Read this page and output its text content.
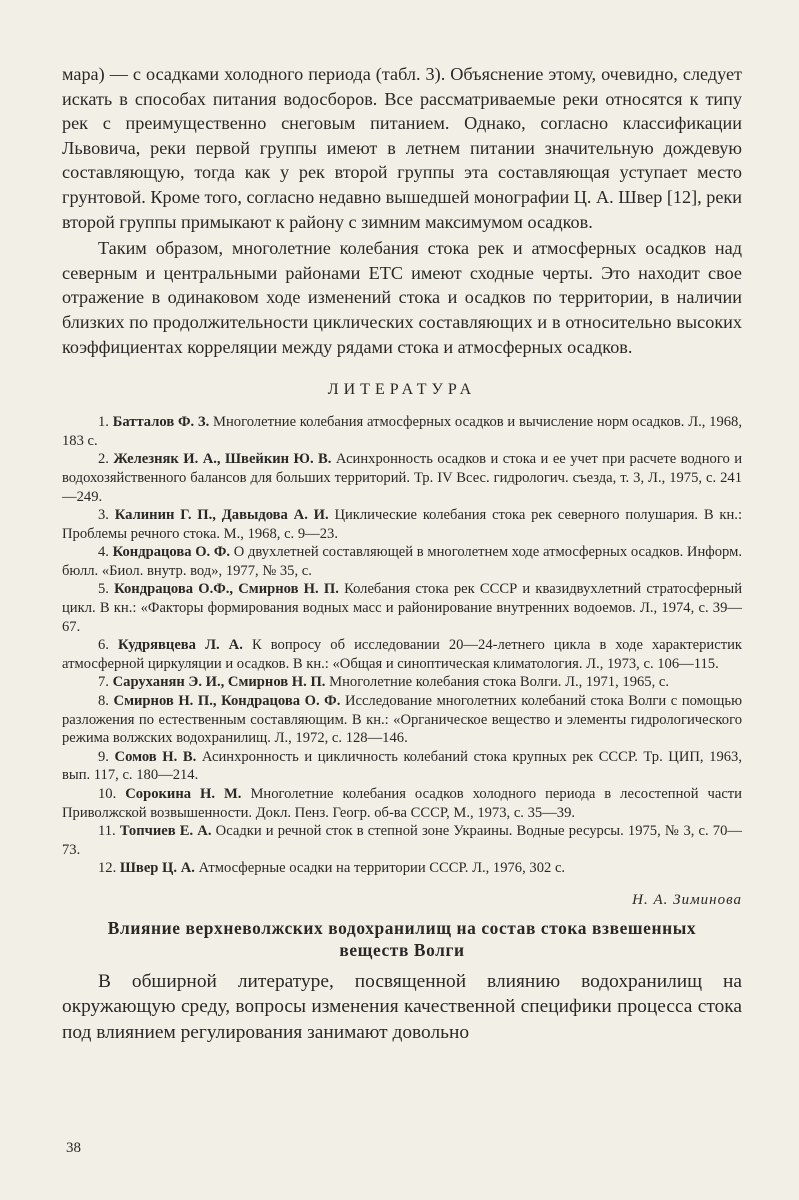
мара) — с осадками холодного периода (табл. 3). Объяснение этому, очевидно, следует искать в способах питания водосборов. Все рассматриваемые реки относятся к типу рек с преимущественно снеговым питанием. Однако, согласно классификации Львовича, реки первой группы имеют в летнем питании значительную дождевую составляющую, тогда как у рек второй группы эта составляющая уступает место грунтовой. Кроме того, согласно недавно вышедшей монографии Ц. А. Швер [12], реки второй группы примыкают к району с зимним максимумом осадков.

Таким образом, многолетние колебания стока рек и атмосферных осадков над северным и центральными районами ЕТС имеют сходные черты. Это находит свое отражение в одинаковом ходе изменений стока и осадков по территории, в наличии близких по продолжительности циклических составляющих и в относительно высоких коэффициентах корреляции между рядами стока и атмосферных осадков.

ЛИТЕРАТУРА

1. Батталов Ф. З. Многолетние колебания атмосферных осадков и вычисление норм осадков. Л., 1968, 183 с.

2. Железняк И. А., Швейкин Ю. В. Асинхронность осадков и стока и ее учет при расчете водного и водохозяйственного балансов для больших территорий. Тр. IV Всес. гидрологич. съезда, т. 3, Л., 1975, с. 241—249.

3. Калинин Г. П., Давыдова А. И. Циклические колебания стока рек северного полушария. В кн.: Проблемы речного стока. М., 1968, с. 9—23.

4. Кондрацова О. Ф. О двухлетней составляющей в многолетнем ходе атмосферных осадков. Информ. бюлл. «Биол. внутр. вод», 1977, № 35, с.

5. Кондрацова О.Ф., Смирнов Н. П. Колебания стока рек СССР и квазидвухлетний стратосферный цикл. В кн.: «Факторы формирования водных масс и районирование внутренних водоемов. Л., 1974, с. 39—67.

6. Кудрявцева Л. А. К вопросу об исследовании 20—24-летнего цикла в ходе характеристик атмосферной циркуляции и осадков. В кн.: «Общая и синоптическая климатология. Л., 1973, с. 106—115.

7. Саруханян Э. И., Смирнов Н. П. Многолетние колебания стока Волги. Л., 1971, 1965, с.

8. Смирнов Н. П., Кондрацова О. Ф. Исследование многолетних колебаний стока Волги с помощью разложения по естественным составляющим. В кн.: «Органическое вещество и элементы гидрологического режима волжских водохранилищ. Л., 1972, с. 128—146.

9. Сомов Н. В. Асинхронность и цикличность колебаний стока крупных рек СССР. Тр. ЦИП, 1963, вып. 117, с. 180—214.

10. Сорокина Н. М. Многолетние колебания осадков холодного периода в лесостепной части Приволжской возвышенности. Докл. Пенз. Геогр. об-ва СССР, М., 1973, с. 35—39.

11. Топчиев Е. А. Осадки и речной сток в степной зоне Украины. Водные ресурсы. 1975, № 3, с. 70—73.

12. Швер Ц. А. Атмосферные осадки на территории СССР. Л., 1976, 302 с.

Н. А. Зиминова
Влияние верхневолжских водохранилищ на состав стока взвешенных веществ Волги

В обширной литературе, посвященной влиянию водохранилищ на окружающую среду, вопросы изменения качественной специфики процесса стока под влиянием регулирования занимают довольно

38
